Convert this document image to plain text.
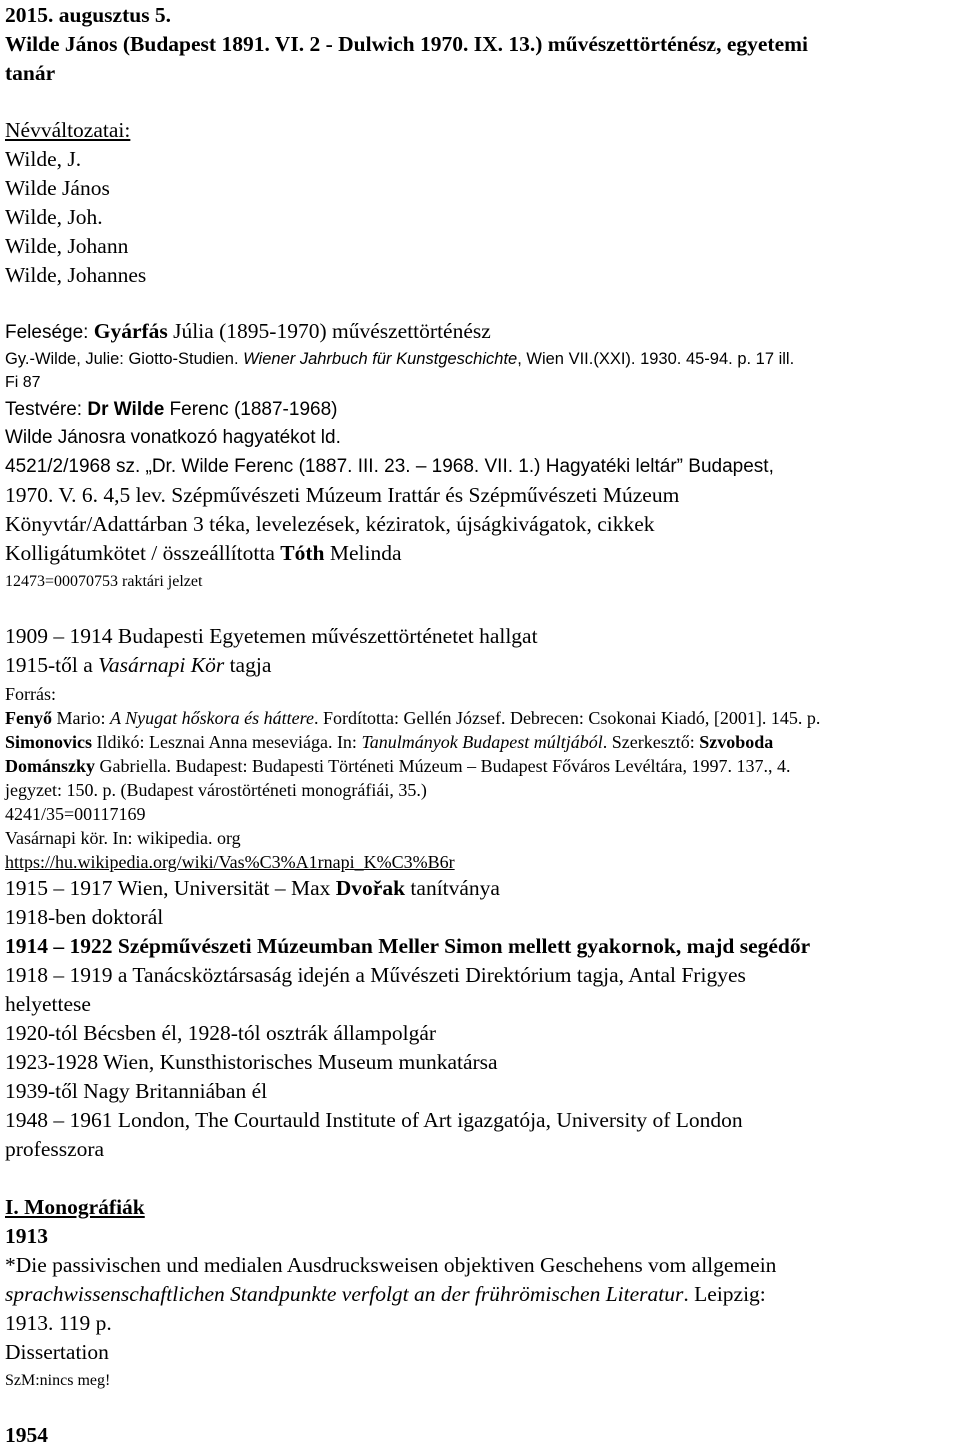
2015. augusztus 5.
Wilde János (Budapest 1891. VI. 2 - Dulwich 1970. IX. 13.) művészettörténész, egyetemi
tanár
Névváltozatai:
Wilde, J.
Wilde János
Wilde, Joh.
Wilde, Johann
Wilde, Johannes
Felesége: Gyárfás Júlia (1895-1970) művészettörténész
Gy.-Wilde, Julie: Giotto-Studien. Wiener Jahrbuch für Kunstgeschichte, Wien VII.(XXI). 1930. 45-94. p. 17 ill.
Fi 87
Testvére: Dr Wilde Ferenc (1887-1968)
Wilde Jánosra vonatkozó hagyatékot ld.
4521/2/1968 sz. „Dr. Wilde Ferenc (1887. III. 23. – 1968. VII. 1.) Hagyatéki leltár” Budapest,
1970. V. 6. 4,5 lev. Szépművészeti Múzeum Irattár és Szépművészeti Múzeum
Könyvtár/Adattárban 3 téka, levelezések, kéziratok, újságkivágatok, cikkek
Kolligátumkötet / összeállította Tóth Melinda
12473=00070753 raktári jelzet
1909 – 1914 Budapesti Egyetemen művészettörténetet hallgat
1915-től a Vasárnapi Kör tagja
Forrás:
Fenyő Mario: A Nyugat hőskora és háttere. Fordította: Gellén József. Debrecen: Csokonai Kiadó, [2001]. 145. p.
Simonovics Ildikó: Lesznai Anna meseviága. In: Tanulmányok Budapest múltjából. Szerkesztő: Szvoboda
Dománszky Gabriella. Budapest: Budapesti Történeti Múzeum – Budapest Főváros Levéltára, 1997. 137., 4.
jegyzet: 150. p. (Budapest várostörténeti monográfiái, 35.)
4241/35=00117169
Vasárnapi kör. In: wikipedia. org
https://hu.wikipedia.org/wiki/Vas%C3%A1rnapi_K%C3%B6r
1915 – 1917 Wien, Universität – Max Dvořak tanítványa
1918-ben doktorál
1914 – 1922 Szépművészeti Múzeumban Meller Simon mellett gyakornok, majd segédőr
1918 – 1919 a Tanácsköztársaság idején a Művészeti Direktórium tagja, Antal Frigyes
helyettese
1920-tól Bécsben él, 1928-tól osztrák állampolgár
1923-1928 Wien, Kunsthistorisches Museum munkatársa
1939-től Nagy Britanniában él
1948 – 1961 London, The Courtauld Institute of Art igazgatója, University of London
professzora
I. Monográfiák
1913
*Die passivischen und medialen Ausdrucksweisen objektiven Geschehens vom allgemein
sprachwissenschaftlichen Standpunkte verfolgt an der frührömischen Literatur. Leipzig:
1913. 119 p.
Dissertation
SzM:nincs meg!
1954
